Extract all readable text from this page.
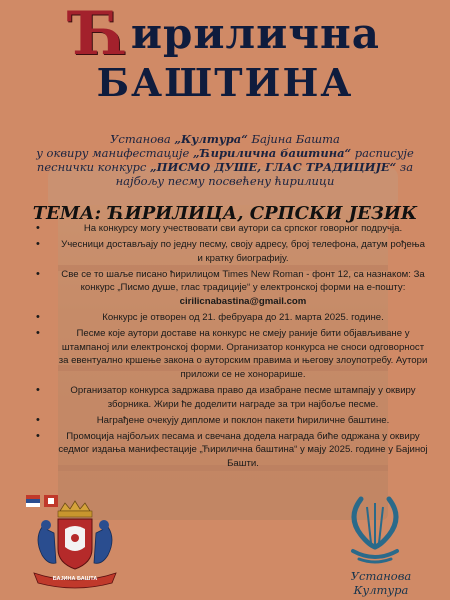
Ћирилична
БАШТИНА
Установа „Култура“ Бајина Башта
у оквиру манифестације „Ћирилична баштина“ расписује
песнички конкурс „ПИСМО ДУШЕ, ГЛАС ТРАДИЦИЈЕ“ за
најбољу песму посвећену ћирилици
ТЕМА: ЋИРИЛИЦА, СРПСКИ ЈЕЗИК
•	На конкурсу могу учествовати сви аутори са српског говорног подручја.
•	Учесници достављају по једну песму, своју адресу, број телефона, датум рођења и кратку биографију.
•	Све се то шаље писано ћирилицом Times New Roman - фонт 12, са назнаком: За конкурс „Писмо душе, глас традиције“ у електронској форми на е-пошту:
cirilicnabastina@gmail.com
•	Конкурс је отворен од 21. фебруара до 21. марта 2025. године.
•	Песме које аутори доставе на конкурс не смеју раније бити објављиване у штампаној или електронској форми. Организатор конкурса не сноси одговорност за евентуално кршење закона о ауторским правима и његову злоупотребу. Аутори приложи се не хонорарише.
•	Организатор конкурса задржава право да изабране песме штампају у оквиру зборника. Жири ће доделити награде за три најбоље песме.
•	Награђене очекују дипломе и поклон пакети ћириличне баштине.
•	Промоција најбољих песама и свечана додела награда биће одржана у оквиру седмог издања манифестације „Ћирилична баштина“ у мају 2025. године у Бајиној Башти.
БАЈИНА БАШТА	Установа Култура
